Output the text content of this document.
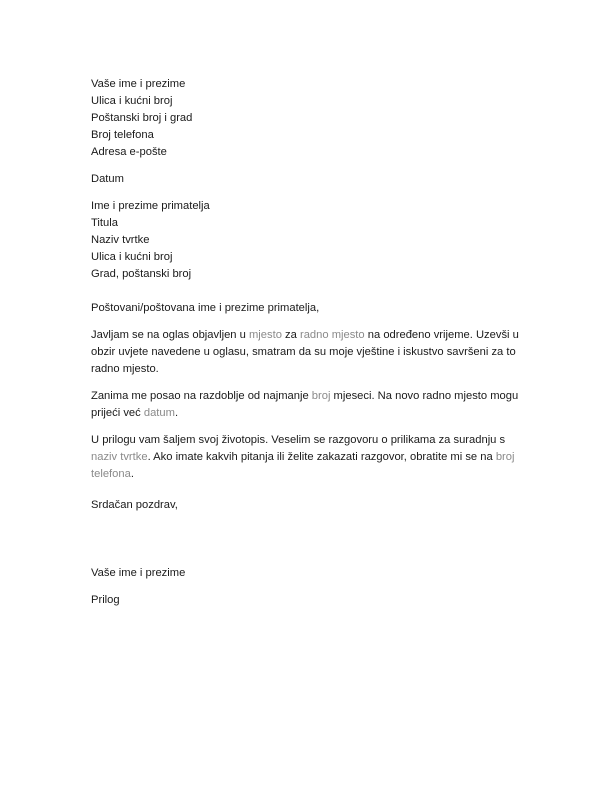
Vaše ime i prezime
Ulica i kućni broj
Poštanski broj i grad
Broj telefona
Adresa e-pošte
Datum
Ime i prezime primatelja
Titula
Naziv tvrtke
Ulica i kućni broj
Grad, poštanski broj
Poštovani/poštovana ime i prezime primatelja,

Javljam se na oglas objavljen u mjesto za radno mjesto na određeno vrijeme. Uzevši u obzir uvjete navedene u oglasu, smatram da su moje vještine i iskustvo savršeni za to radno mjesto.

Zanima me posao na razdoblje od najmanje broj mjeseci. Na novo radno mjesto mogu prijeći već datum.

U prilogu vam šaljem svoj životopis. Veselim se razgovoru o prilikama za suradnju s naziv tvrtke. Ako imate kakvih pitanja ili želite zakazati razgovor, obratite mi se na broj telefona.

Srdačan pozdrav,
Vaše ime i prezime
Prilog
